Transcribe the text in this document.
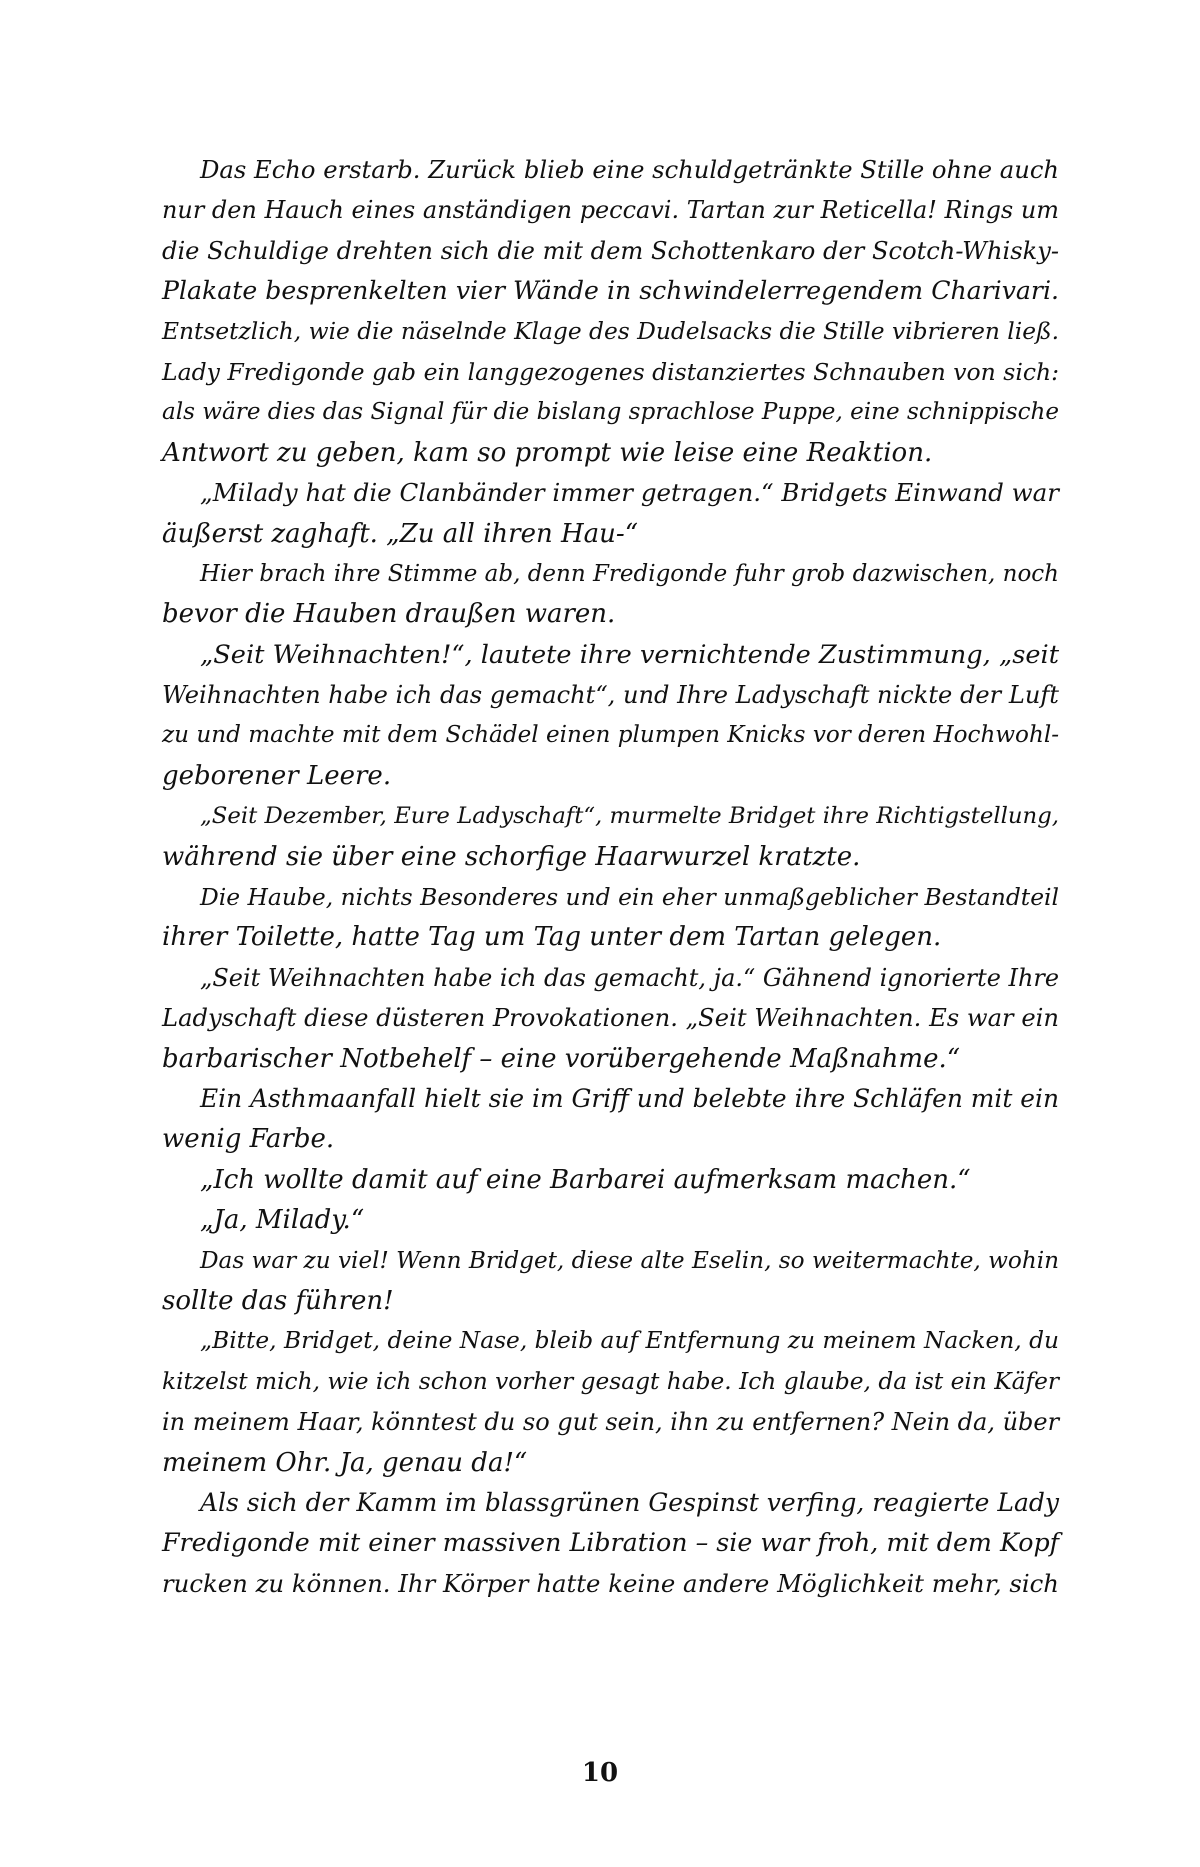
Das Echo erstarb. Zurück blieb eine schuldgetränkte Stille ohne auch
nur den Hauch eines anständigen peccavi. Tartan zur Reticella! Rings um
die Schuldige drehten sich die mit dem Schottenkaro der Scotch-Whisky-
Plakate besprenkelten vier Wände in schwindelerregendem Charivari.
Entsetzlich, wie die näselnde Klage des Dudelsacks die Stille vibrieren ließ.
Lady Fredigonde gab ein langgezogenes distanziertes Schnauben von sich:
als wäre dies das Signal für die bislang sprachlose Puppe, eine schnippische
Antwort zu geben, kam so prompt wie leise eine Reaktion.
„Milady hat die Clanbänder immer getragen.“ Bridgets Einwand war
äußerst zaghaft. „Zu all ihren Hau-“
Hier brach ihre Stimme ab, denn Fredigonde fuhr grob dazwischen, noch
bevor die Hauben draußen waren.
„Seit Weihnachten!“, lautete ihre vernichtende Zustimmung, „seit
Weihnachten habe ich das gemacht“, und Ihre Ladyschaft nickte der Luft
zu und machte mit dem Schädel einen plumpen Knicks vor deren Hochwohl-
geborener Leere.
„Seit Dezember, Eure Ladyschaft“, murmelte Bridget ihre Richtigstellung,
während sie über eine schorfige Haarwurzel kratzte.
Die Haube, nichts Besonderes und ein eher unmaßgeblicher Bestandteil
ihrer Toilette, hatte Tag um Tag unter dem Tartan gelegen.
„Seit Weihnachten habe ich das gemacht, ja.“ Gähnend ignorierte Ihre
Ladyschaft diese düsteren Provokationen. „Seit Weihnachten. Es war ein
barbarischer Notbehelf – eine vorübergehende Maßnahme.“
Ein Asthmaanfall hielt sie im Griff und belebte ihre Schläfen mit ein
wenig Farbe.
„Ich wollte damit auf eine Barbarei aufmerksam machen.“
„Ja, Milady.“
Das war zu viel! Wenn Bridget, diese alte Eselin, so weitermachte, wohin
sollte das führen!
„Bitte, Bridget, deine Nase, bleib auf Entfernung zu meinem Nacken, du
kitzelst mich, wie ich schon vorher gesagt habe. Ich glaube, da ist ein Käfer
in meinem Haar, könntest du so gut sein, ihn zu entfernen? Nein da, über
meinem Ohr. Ja, genau da!“
Als sich der Kamm im blassgrünen Gespinst verfing, reagierte Lady
Fredigonde mit einer massiven Libration – sie war froh, mit dem Kopf
rucken zu können. Ihr Körper hatte keine andere Möglichkeit mehr, sich
10
